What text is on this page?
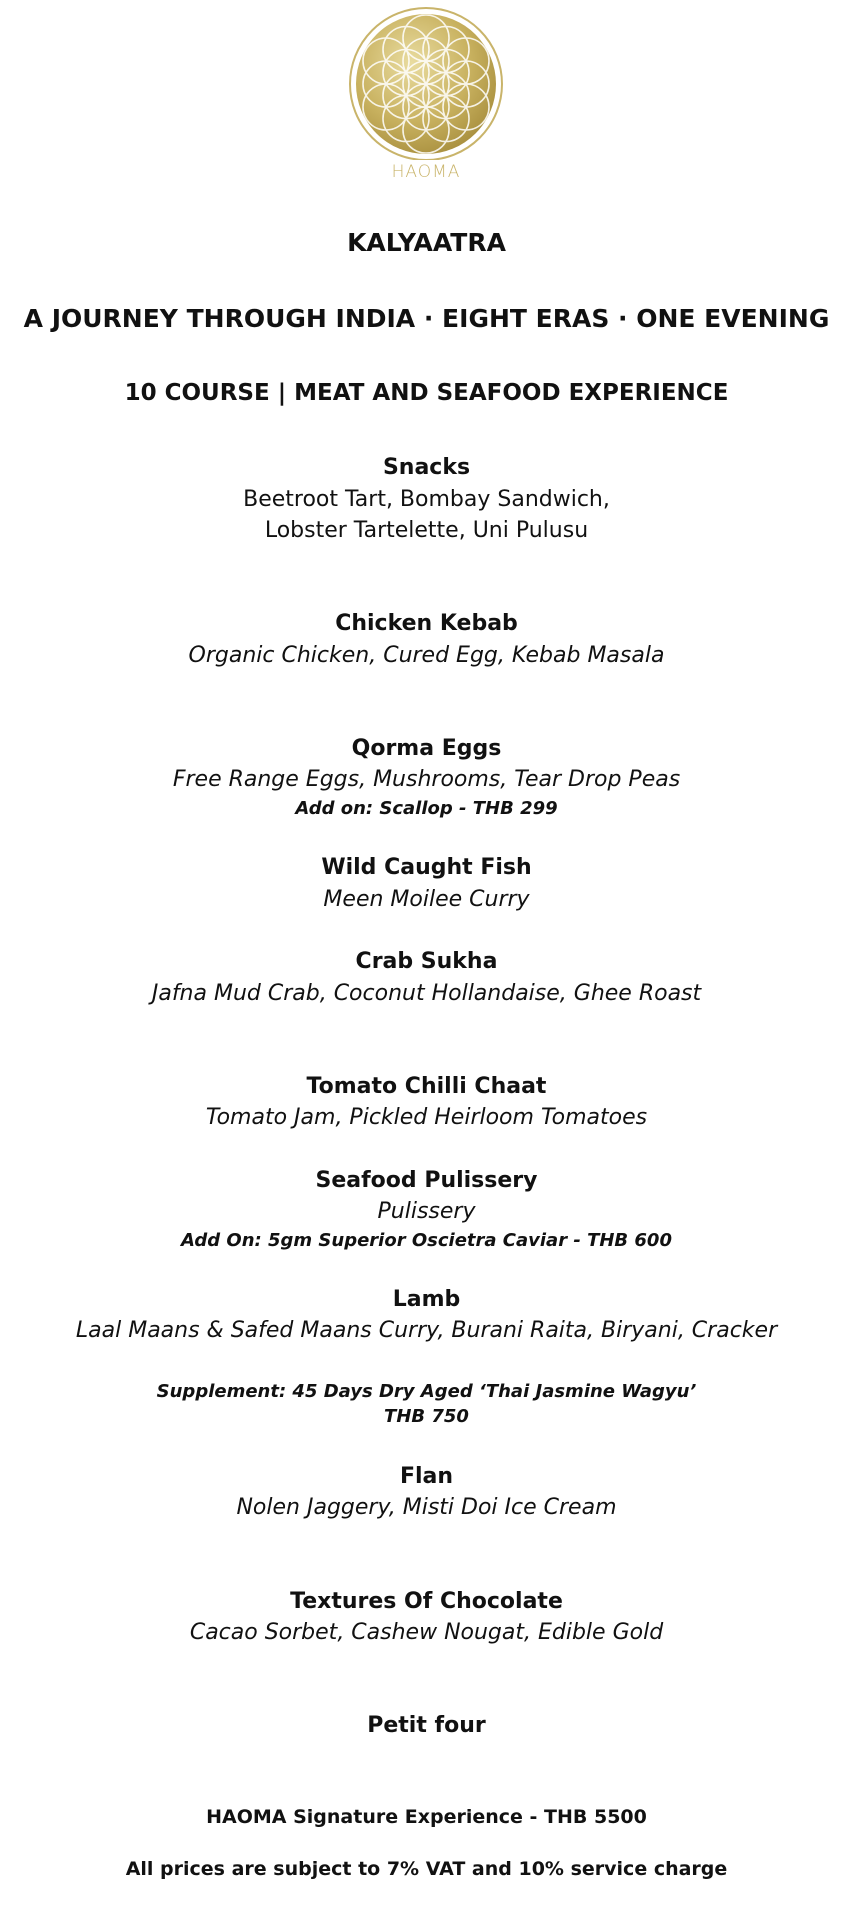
HAOMA
KALYAATRA
A JOURNEY THROUGH INDIA · EIGHT ERAS · ONE EVENING
10 COURSE | MEAT AND SEAFOOD EXPERIENCE
Snacks
Beetroot Tart, Bombay Sandwich,
Lobster Tartelette, Uni Pulusu
Chicken Kebab
Organic Chicken, Cured Egg, Kebab Masala
Qorma Eggs
Free Range Eggs, Mushrooms, Tear Drop Peas
Add on: Scallop - THB 299
Wild Caught Fish
Meen Moilee Curry
Crab Sukha
Jafna Mud Crab, Coconut Hollandaise, Ghee Roast
Tomato Chilli Chaat
Tomato Jam, Pickled Heirloom Tomatoes
Seafood Pulissery
Pulissery
Add On: 5gm Superior Oscietra Caviar - THB 600
Lamb
Laal Maans & Safed Maans Curry, Burani Raita, Biryani, Cracker
Supplement: 45 Days Dry Aged ‘Thai Jasmine Wagyu’
THB 750
Flan
Nolen Jaggery, Misti Doi Ice Cream
Textures Of Chocolate
Cacao Sorbet, Cashew Nougat, Edible Gold
Petit four
HAOMA Signature Experience - THB 5500
All prices are subject to 7% VAT and 10% service charge
